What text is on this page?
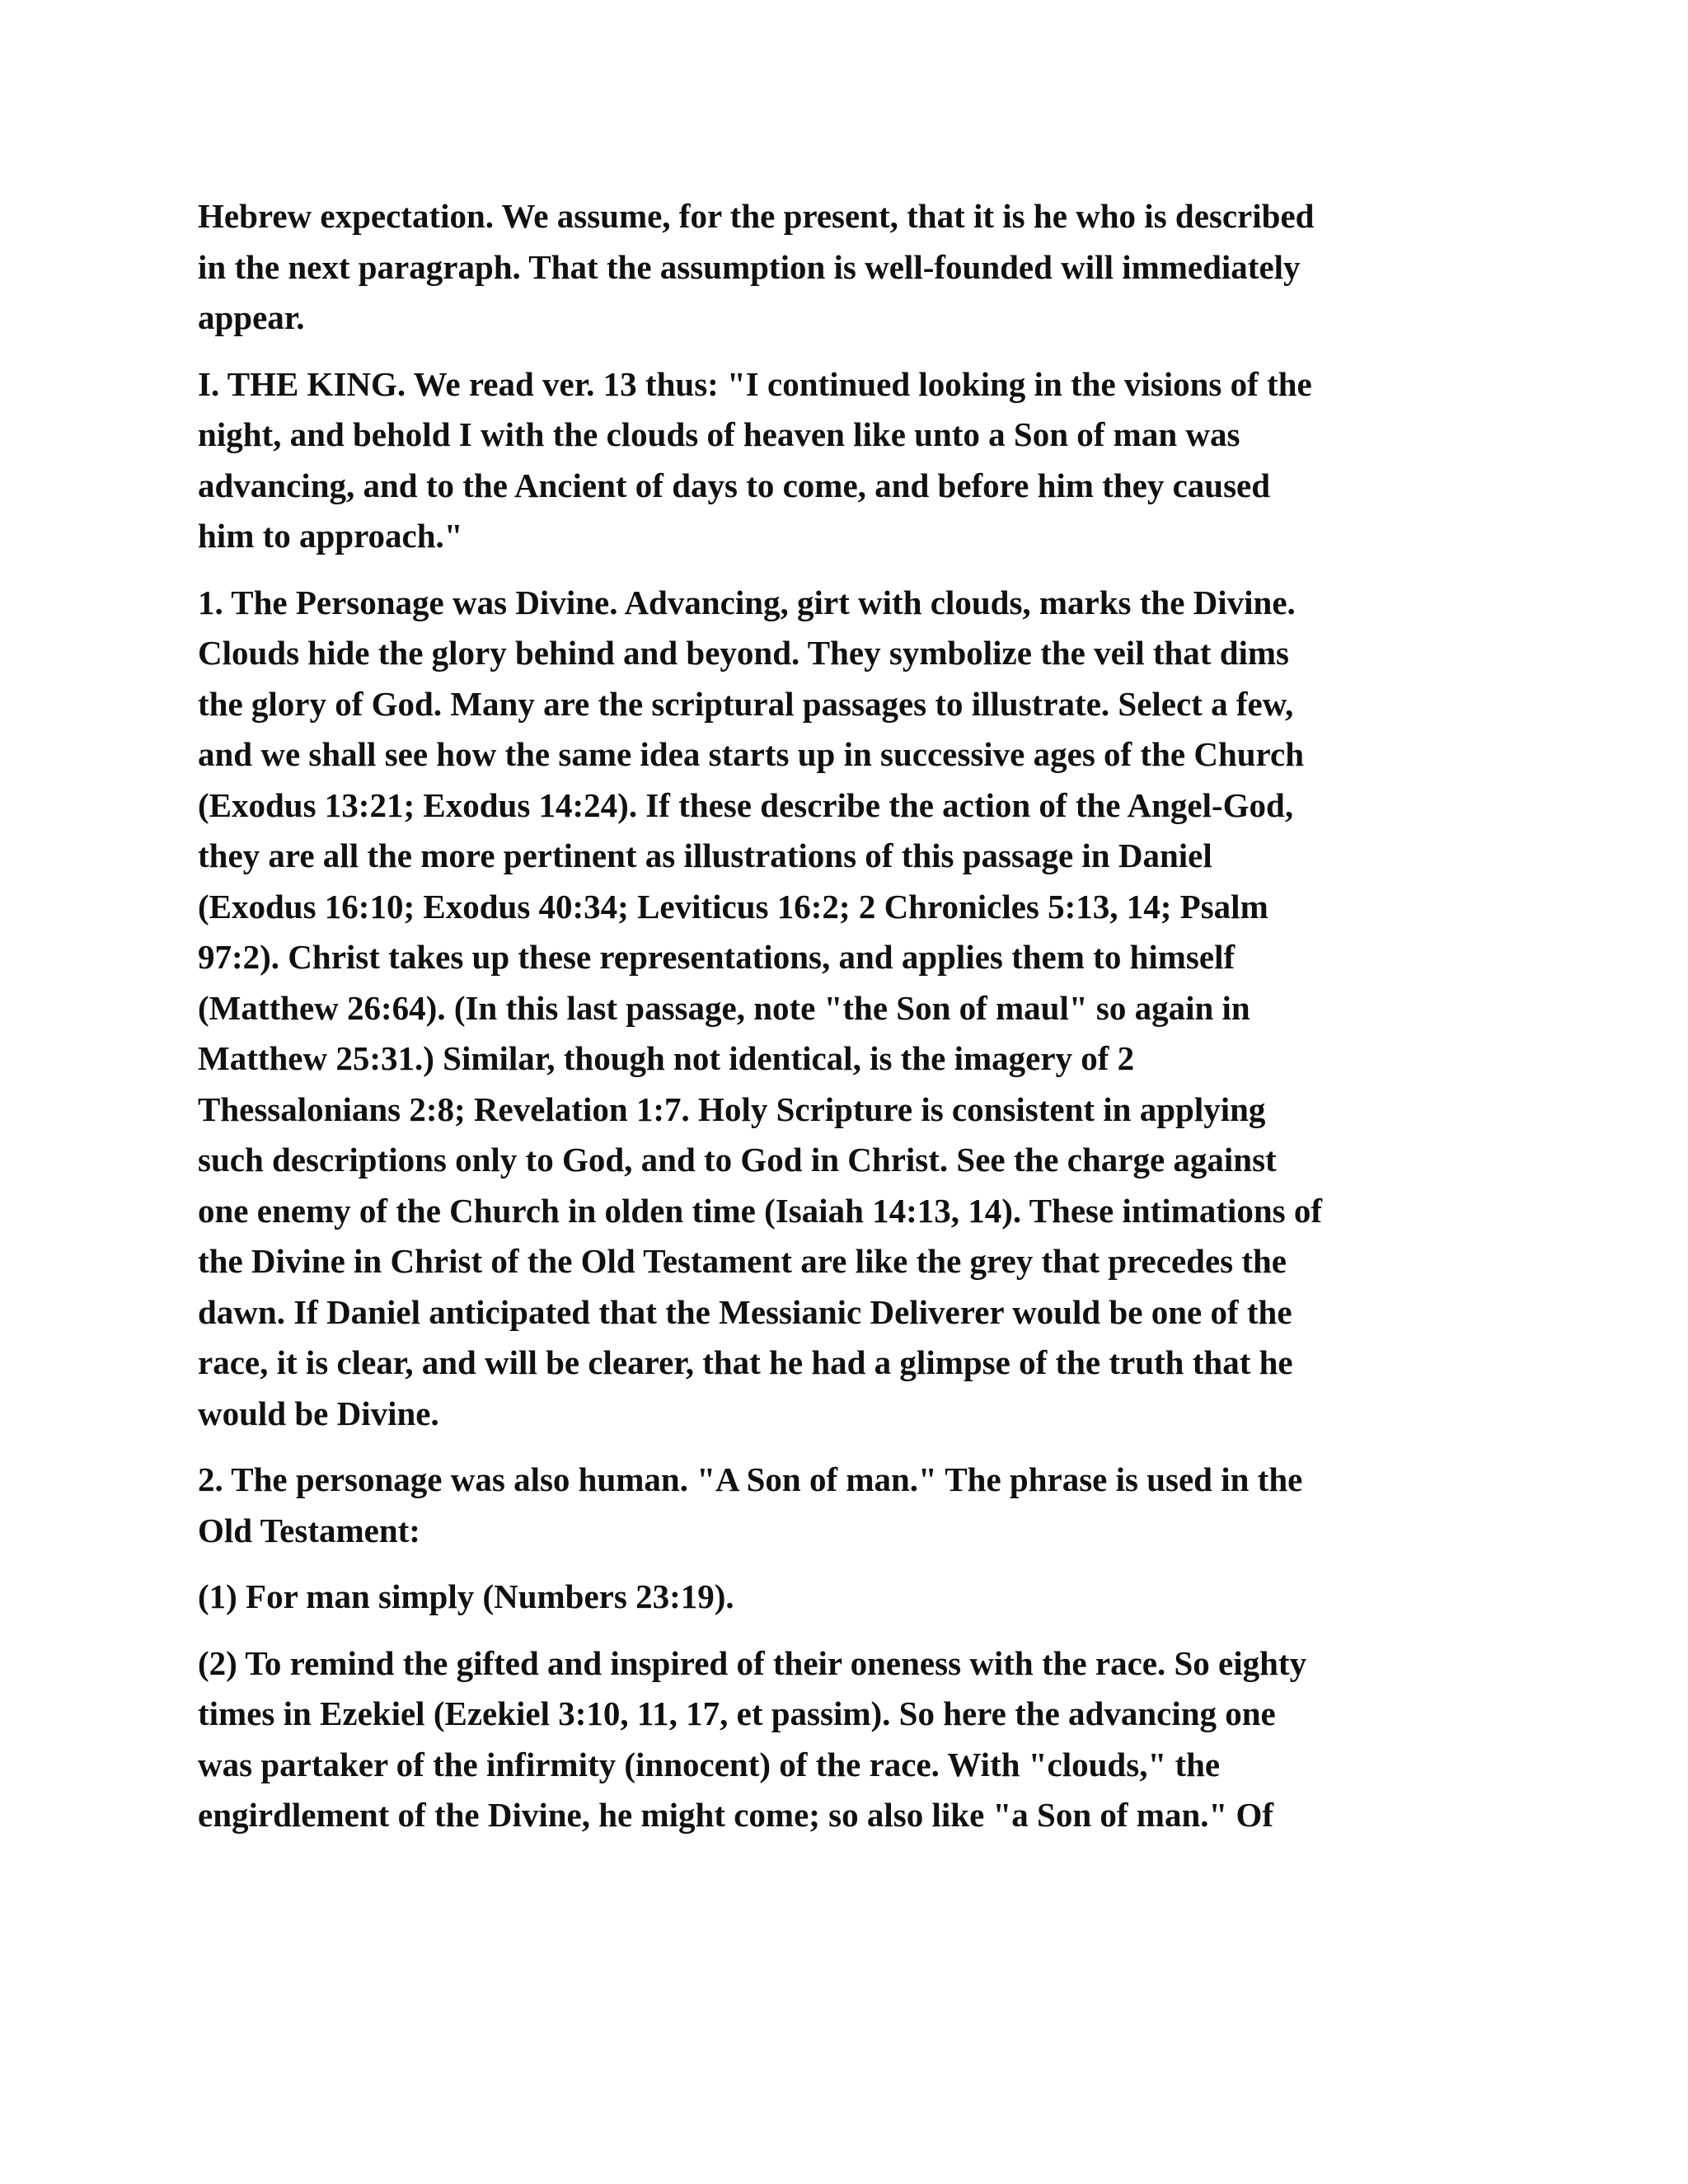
Hebrew expectation. We assume, for the present, that it is he who is described
in the next paragraph. That the assumption is well-founded will immediately
appear.

I. THE KING. We read ver. 13 thus: "I continued looking in the visions of the
night, and behold I with the clouds of heaven like unto a Son of man was
advancing, and to the Ancient of days to come, and before him they caused
him to approach."

1. The Personage was Divine. Advancing, girt with clouds, marks the Divine.
Clouds hide the glory behind and beyond. They symbolize the veil that dims
the glory of God. Many are the scriptural passages to illustrate. Select a few,
and we shall see how the same idea starts up in successive ages of the Church
(Exodus 13:21; Exodus 14:24). If these describe the action of the Angel-God,
they are all the more pertinent as illustrations of this passage in Daniel
(Exodus 16:10; Exodus 40:34; Leviticus 16:2; 2 Chronicles 5:13, 14; Psalm
97:2). Christ takes up these representations, and applies them to himself
(Matthew 26:64). (In this last passage, note "the Son of maul" so again in
Matthew 25:31.) Similar, though not identical, is the imagery of 2
Thessalonians 2:8; Revelation 1:7. Holy Scripture is consistent in applying
such descriptions only to God, and to God in Christ. See the charge against
one enemy of the Church in olden time (Isaiah 14:13, 14). These intimations of
the Divine in Christ of the Old Testament are like the grey that precedes the
dawn. If Daniel anticipated that the Messianic Deliverer would be one of the
race, it is clear, and will be clearer, that he had a glimpse of the truth that he
would be Divine.

2. The personage was also human. "A Son of man." The phrase is used in the
Old Testament:

(1) For man simply (Numbers 23:19).

(2) To remind the gifted and inspired of their oneness with the race. So eighty
times in Ezekiel (Ezekiel 3:10, 11, 17, et passim). So here the advancing one
was partaker of the infirmity (innocent) of the race. With "clouds," the
engirdlement of the Divine, he might come; so also like "a Son of man." Of
